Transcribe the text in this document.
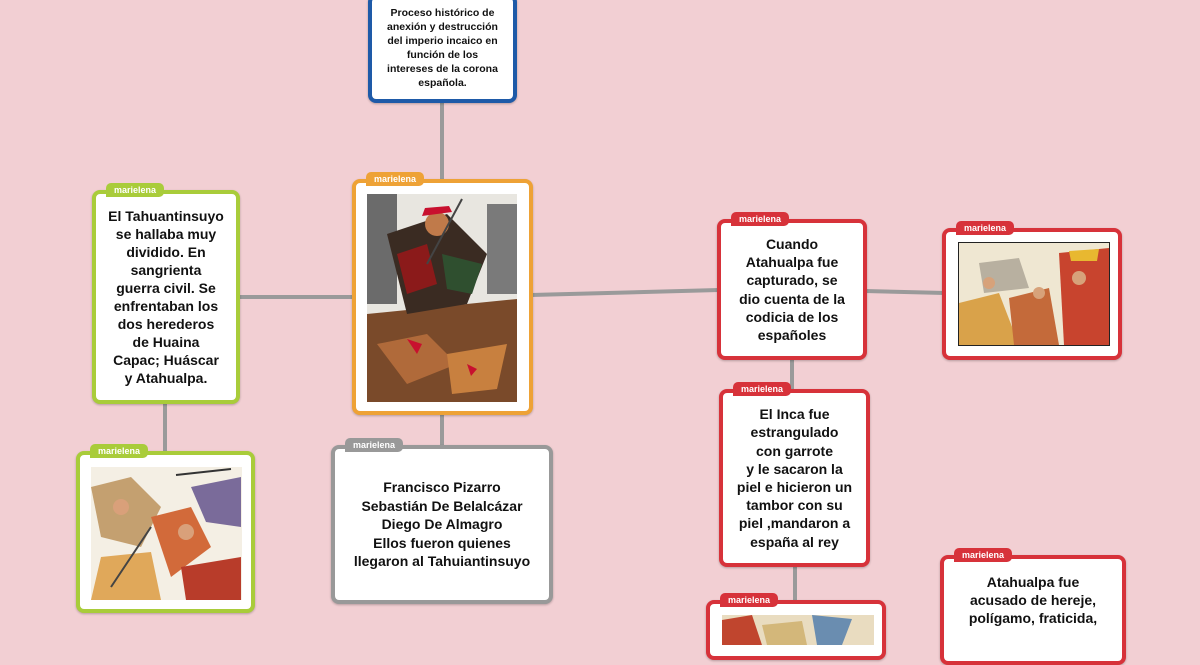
Proceso histórico de
anexión y destrucción
del imperio incaico en
función de los
intereses de la corona
española.
marielena
El Tahuantinsuyo
se hallaba muy
dividido. En
sangrienta
guerra civil. Se
enfrentaban los
dos herederos
de Huaina
Capac; Huáscar
y Atahualpa.
marielena
marielena
marielena
Francisco Pizarro
Sebastián De Belalcázar
Diego De Almagro
Ellos fueron quienes
llegaron al Tahuiantinsuyo
marielena
Cuando
Atahualpa fue
capturado, se
dio cuenta de la
codicia de los
españoles
marielena
marielena
El Inca fue
estrangulado
con garrote
y le sacaron la
piel e hicieron un
tambor con su
piel ,mandaron a
españa al rey
marielena
marielena
Atahualpa fue
acusado de hereje,
polígamo, fraticida,
